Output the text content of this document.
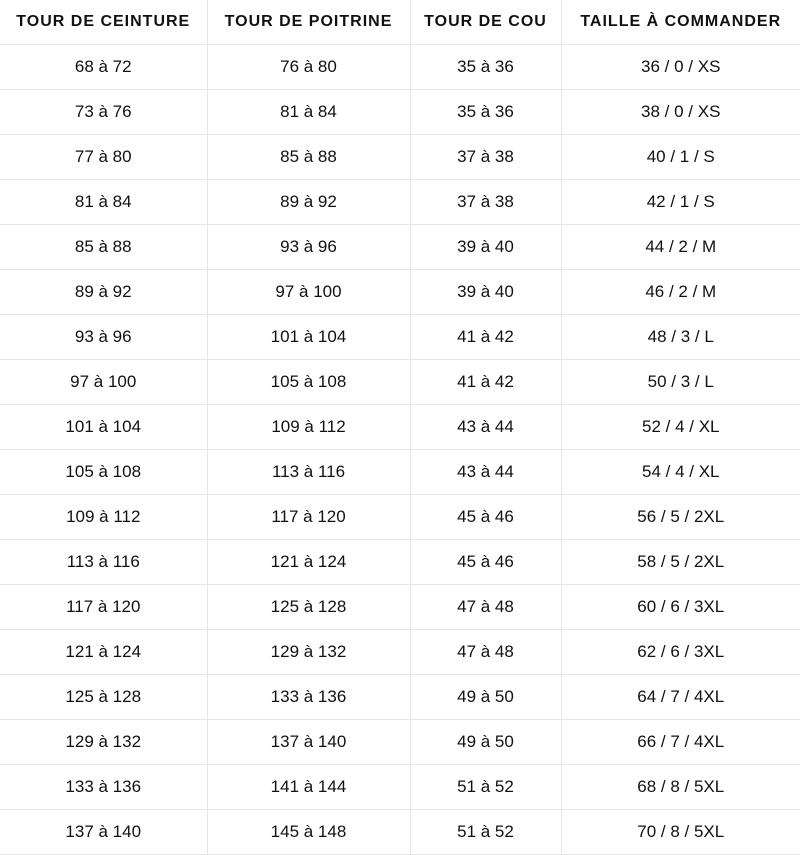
TOUR DE CEINTURE	TOUR DE POITRINE	TOUR DE COU	TAILLE À COMMANDER
68 à 72	76 à 80	35 à 36	36 / 0 / XS
73 à 76	81 à 84	35 à 36	38 / 0 / XS
77 à 80	85 à 88	37 à 38	40 / 1 / S
81 à 84	89 à 92	37 à 38	42 / 1 / S
85 à 88	93 à 96	39 à 40	44 / 2 / M
89 à 92	97 à 100	39 à 40	46 / 2 / M
93 à 96	101 à 104	41 à 42	48 / 3 / L
97 à 100	105 à 108	41 à 42	50 / 3 / L
101 à 104	109 à 112	43 à 44	52 / 4 / XL
105 à 108	113 à 116	43 à 44	54 / 4 / XL
109 à 112	117 à 120	45 à 46	56 / 5 / 2XL
113 à 116	121 à 124	45 à 46	58 / 5 / 2XL
117 à 120	125 à 128	47 à 48	60 / 6 / 3XL
121 à 124	129 à 132	47 à 48	62 / 6 / 3XL
125 à 128	133 à 136	49 à 50	64 / 7 / 4XL
129 à 132	137 à 140	49 à 50	66 / 7 / 4XL
133 à 136	141 à 144	51 à 52	68 / 8 / 5XL
137 à 140	145 à 148	51 à 52	70 / 8 / 5XL
